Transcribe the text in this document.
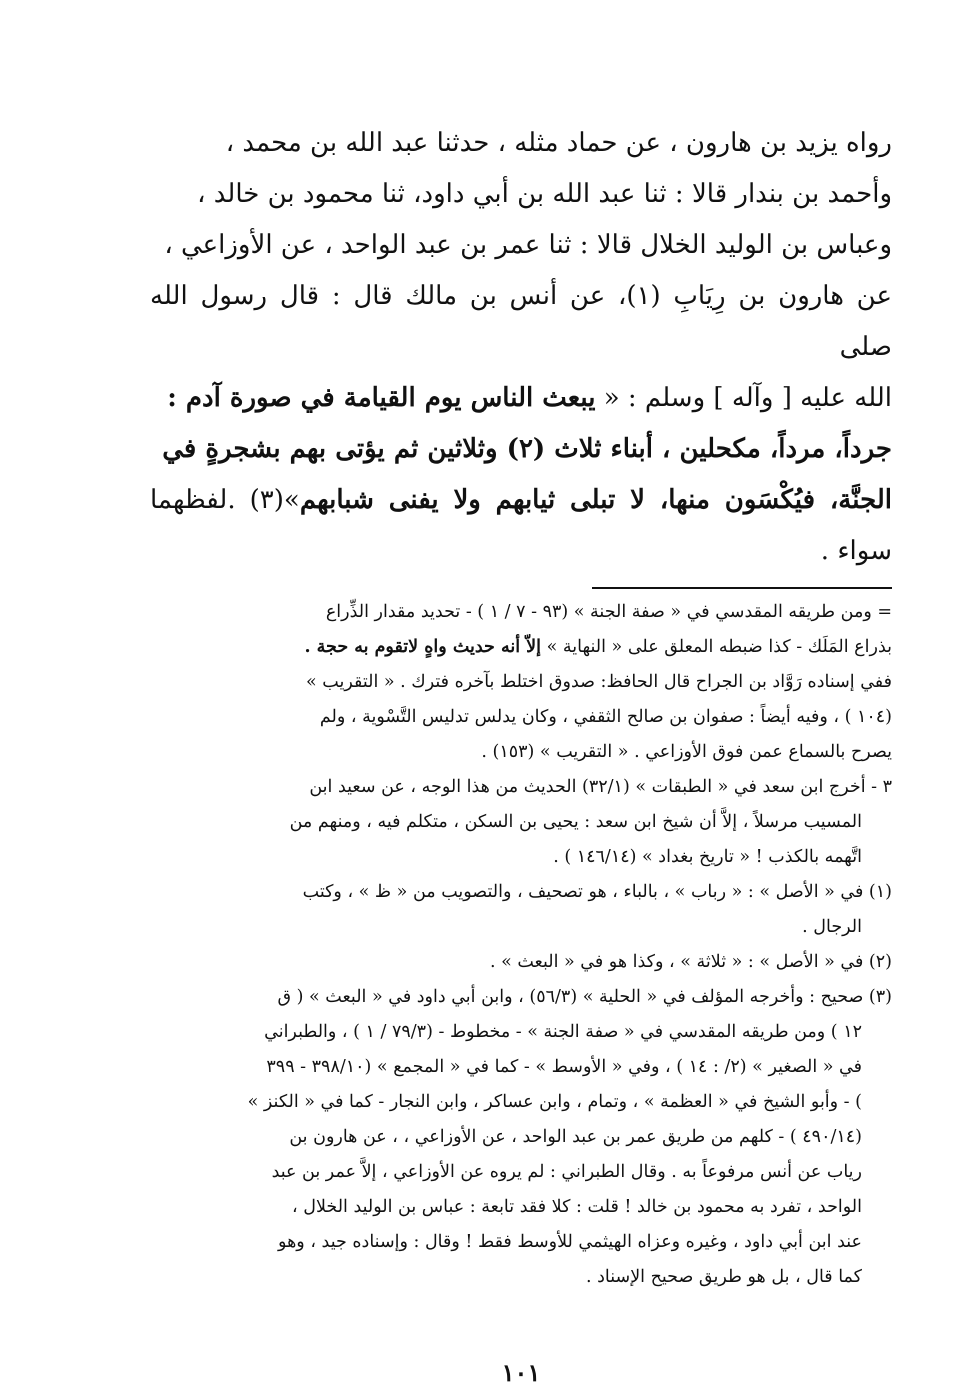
رواه يزيد بن هارون ، عن حماد مثله ، حدثنا عبد الله بن محمد ،

وأحمد بن بندار قالا : ثنا عبد الله بن أبي داود، ثنا محمود بن خالد ،

وعباس بن الوليد الخلال قالا : ثنا عمر بن عبد الواحد ، عن الأوزاعي ،

عن هارون بن رِيَابِ (١)، عن أنس بن مالك قال : قال رسول الله صلى

الله عليه [ وآله ] وسلم : « يبعث الناس يوم القيامة في صورة آدم :

جرداً، مرداً، مكحلين ، أبناء ثلاث (٢) وثلاثين ثم يؤتى بهم بشجرةٍ في

الجنَّة، فيُكْسَون منها، لا تبلى ثيابهم ولا يفنى شبابهم»(٣) .لفظهما سواء .

= ومن طريقه المقدسي في « صفة الجنة » (٩٣ - ٧ / ١ ) - تحديد مقدار الذِّراع

بذراع المَلَك - كذا ضبطه المعلق على « النهاية » إلاّ أنه حديث واهٍ لاتقوم به حجة .

ففي إسناده رَوَّاد بن الجراح قال الحافظ: صدوق اختلط بآخره فترك . « التقريب »

(١٠٤ ) ، وفيه أيضاً : صفوان بن صالح الثقفي ، وكان يدلس تدليس التَّسْوية ، ولم

يصرح بالسماع عمن فوق الأوزاعي . « التقريب » (١٥٣) .

٣ - أخرج ابن سعد في « الطبقات » (٣٢/١) الحديث من هذا الوجه ، عن سعيد ابن

المسيب مرسلاً ، إلاَّ أن شيخ ابن سعد : يحيى بن السكن ، متكلم فيه ، ومنهم من

اتَّهمه بالكذب ! « تاريخ بغداد » (١٤٦/١٤ ) .

(١) في « الأصل » : « رباب » ، بالباء ، هو تصحيف ، والتصويب من « ظ » ، وكتب

الرجال .

(٢) في « الأصل » : « ثلاثة » ، وكذا هو في « البعث » .

(٣) صحيح : وأخرجه المؤلف في « الحلية » (٥٦/٣) ، وابن أبي داود في « البعث » ( ق

١٢ ) ومن طريقه المقدسي في « صفة الجنة » - مخطوط - (٧٩/٣ / ١ ) ، والطبراني

في « الصغير » (٢/ : ١٤ ) ، وفي « الأوسط » - كما في « المجمع » (٣٩٨/١٠ - ٣٩٩

) - وأبو الشيخ في « العظمة » ، وتمام ، وابن عساكر ، وابن النجار - كما في « الكنز »

(٤٩٠/١٤ ) - كلهم من طريق عمر بن عبد الواحد ، عن الأوزاعي ، ، عن هارون بن

رياب عن أنس مرفوعاً به . وقال الطبراني : لم يروه عن الأوزاعي ، إلاَّ عمر بن عبد

الواحد ، تفرد به محمود بن خالد ! قلت : كلا فقد تابعة : عباس بن الوليد الخلال ،

عند ابن أبي داود ، وغيره وعزاه الهيثمي للأوسط فقط ! وقال : وإسناده جيد ، وهو

كما قال ، بل هو طريق صحيح الإسناد .

١٠١
